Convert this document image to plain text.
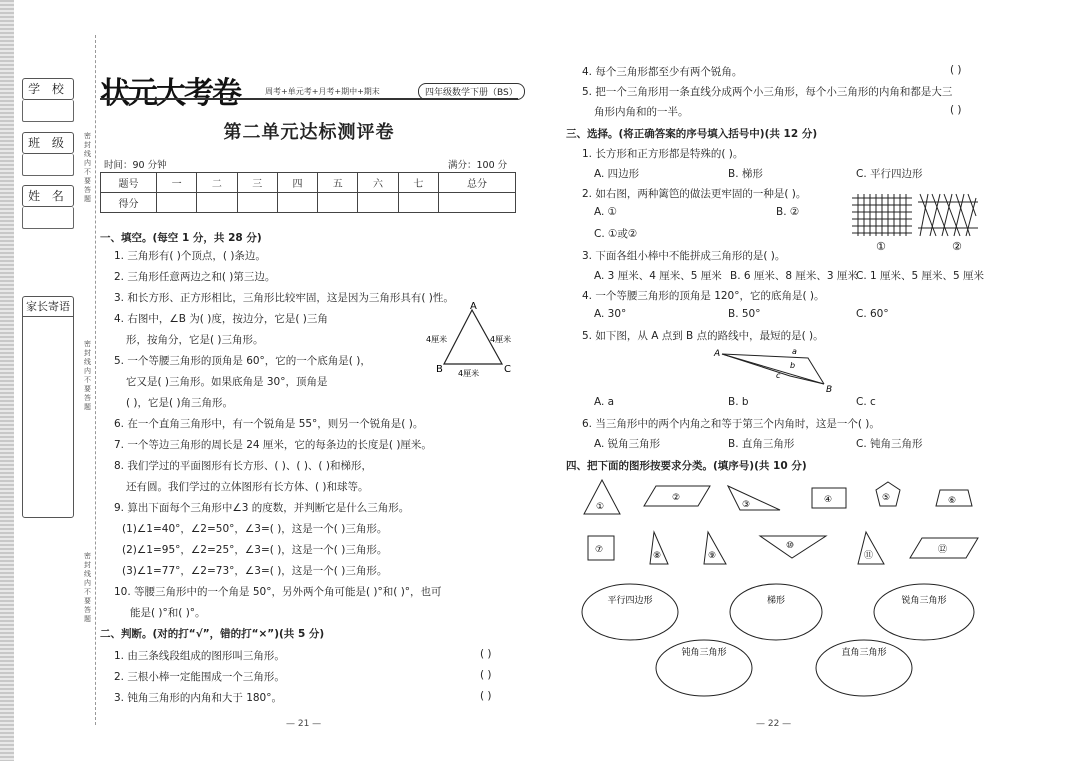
学 校
班 级
姓 名
家长寄语
密封线内不要答题
密封线内不要答题
密封线内不要答题
状元大考卷	周考+单元考+月考+期中+期末	四年级数学下册（BS）
第二单元达标测评卷
时间：90 分钟	满分：100 分
题号	一	二	三	四	五	六	七	总分
得分								
一、填空。(每空 1 分，共 28 分)
1. 三角形有( )个顶点，( )条边。
2. 三角形任意两边之和( )第三边。
3. 和长方形、正方形相比，三角形比较牢固，这是因为三角形具有( )性。
4. 右图中，∠B 为( )度，按边分，它是( )三角
形，按角分，它是( )三角形。
5. 一个等腰三角形的顶角是 60°，它的一个底角是( )，
它又是( )三角形。如果底角是 30°，顶角是
( )，它是( )角三角形。
6. 在一个直角三角形中，有一个锐角是 55°，则另一个锐角是( )。
7. 一个等边三角形的周长是 24 厘米，它的每条边的长度是( )厘米。
8. 我们学过的平面图形有长方形、( )、( )、( )和梯形，
还有圆。我们学过的立体图形有长方体、( )和球等。
9. 算出下面每个三角形中∠3 的度数，并判断它是什么三角形。
(1)∠1=40°，∠2=50°，∠3=( )，这是一个( )三角形。
(2)∠1=95°，∠2=25°，∠3=( )，这是一个( )三角形。
(3)∠1=77°，∠2=73°，∠3=( )，这是一个( )三角形。
10. 等腰三角形中的一个角是 50°，另外两个角可能是( )°和( )°，也可
能是( )°和( )°。
A
B	C
4厘米	4厘米
4厘米
二、判断。(对的打“√”，错的打“×”)(共 5 分)
1. 由三条线段组成的图形叫三角形。	( )
2. 三根小棒一定能围成一个三角形。	( )
3. 钝角三角形的内角和大于 180°。	( )
— 21 —
4. 每个三角形都至少有两个锐角。	( )
5. 把一个三角形用一条直线分成两个小三角形，每个小三角形的内角和都是大三
角形内角和的一半。	( )
三、选择。(将正确答案的序号填入括号中)(共 12 分)
1. 长方形和正方形都是特殊的( )。
A. 四边形	B. 梯形	C. 平行四边形
2. 如右图，两种篱笆的做法更牢固的一种是( )。
A. ①	B. ②
C. ①或②
①	②
3. 下面各组小棒中不能拼成三角形的是( )。
A. 3 厘米、4 厘米、5 厘米 B. 6 厘米、8 厘米、3 厘米
C. 1 厘米、5 厘米、5 厘米
4. 一个等腰三角形的顶角是 120°，它的底角是( )。
A. 30°	B. 50°	C. 60°
5. 如下图，从 A 点到 B 点的路线中，最短的是( )。
A
B
a
b
c
A. a	B. b	C. c
6. 当三角形中的两个内角之和等于第三个内角时，这是一个( )。
A. 锐角三角形	B. 直角三角形	C. 钝角三角形
四、把下面的图形按要求分类。(填序号)(共 10 分)
①
②
③	④	⑤	⑥
⑦
⑧	⑨
⑩
⑪
⑫
平行四边形	梯形	锐角三角形
钝角三角形	直角三角形
— 22 —
